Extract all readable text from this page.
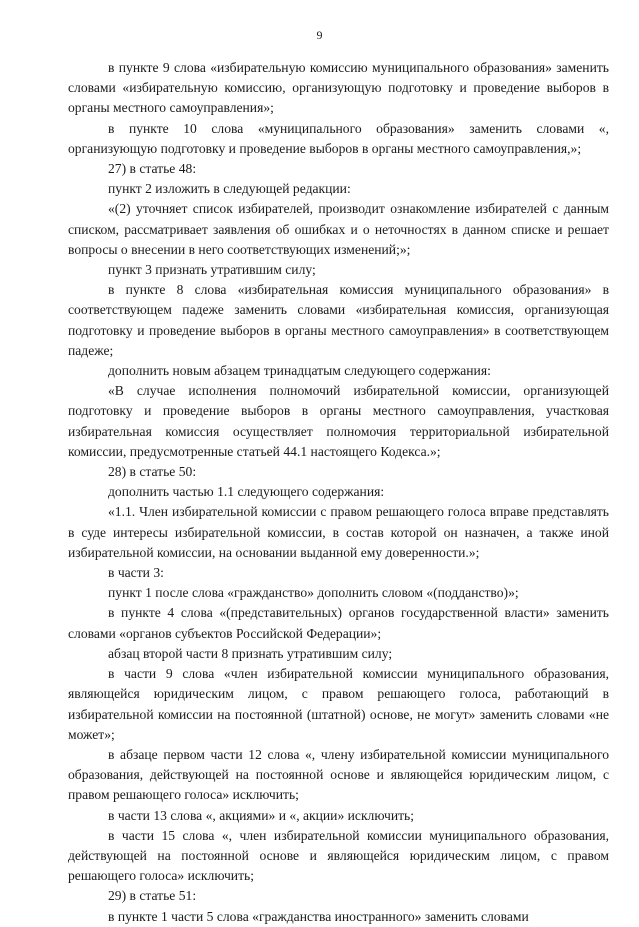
9

в пункте 9 слова «избирательную комиссию муниципального образования» заменить словами «избирательную комиссию, организующую подготовку и проведение выборов в органы местного самоуправления»;

в пункте 10 слова «муниципального образования» заменить словами «, организующую подготовку и проведение выборов в органы местного самоуправления,»;

27) в статье 48:

пункт 2 изложить в следующей редакции:

«(2) уточняет список избирателей, производит ознакомление избирателей с данным списком, рассматривает заявления об ошибках и о неточностях в данном списке и решает вопросы о внесении в него соответствующих изменений;»;

пункт 3 признать утратившим силу;

в пункте 8 слова «избирательная комиссия муниципального образования» в соответствующем падеже заменить словами «избирательная комиссия, организующая подготовку и проведение выборов в органы местного самоуправления» в соответствующем падеже;

дополнить новым абзацем тринадцатым следующего содержания:

«В случае исполнения полномочий избирательной комиссии, организующей подготовку и проведение выборов в органы местного самоуправления, участковая избирательная комиссия осуществляет полномочия территориальной избирательной комиссии, предусмотренные статьей 44.1 настоящего Кодекса.»;

28) в статье 50:

дополнить частью 1.1 следующего содержания:

«1.1. Член избирательной комиссии с правом решающего голоса вправе представлять в суде интересы избирательной комиссии, в состав которой он назначен, а также иной избирательной комиссии, на основании выданной ему доверенности.»;

в части 3:

пункт 1 после слова «гражданство» дополнить словом «(подданство)»;

в пункте 4 слова «(представительных) органов государственной власти» заменить словами «органов субъектов Российской Федерации»;

абзац второй части 8 признать утратившим силу;

в части 9 слова «член избирательной комиссии муниципального образования, являющейся юридическим лицом, с правом решающего голоса, работающий в избирательной комиссии на постоянной (штатной) основе, не могут» заменить словами «не может»;

в абзаце первом части 12 слова «, члену избирательной комиссии муниципального образования, действующей на постоянной основе и являющейся юридическим лицом, с правом решающего голоса» исключить;

в части 13 слова «, акциями» и «, акции» исключить;

в части 15 слова «, член избирательной комиссии муниципального образования, действующей на постоянной основе и являющейся юридическим лицом, с правом решающего голоса» исключить;

29) в статье 51:

в пункте 1 части 5 слова «гражданства иностранного» заменить словами
